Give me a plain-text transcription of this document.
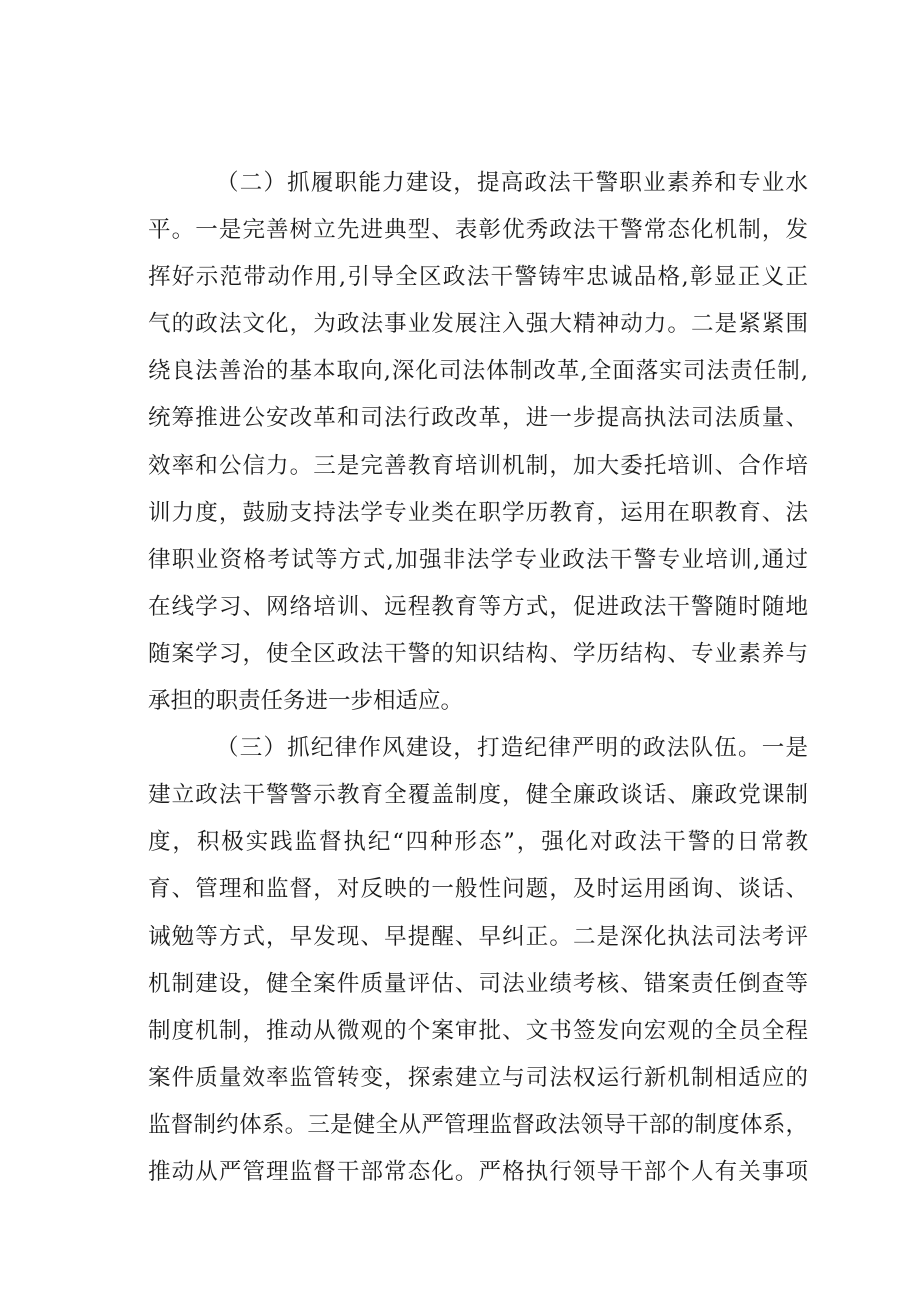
（二）抓履职能力建设，提高政法干警职业素养和专业水
平。一是完善树立先进典型、表彰优秀政法干警常态化机制，发
挥好示范带动作用,引导全区政法干警铸牢忠诚品格,彰显正义正
气的政法文化，为政法事业发展注入强大精神动力。二是紧紧围
绕良法善治的基本取向,深化司法体制改革,全面落实司法责任制,
统筹推进公安改革和司法行政改革，进一步提高执法司法质量、
效率和公信力。三是完善教育培训机制，加大委托培训、合作培
训力度，鼓励支持法学专业类在职学历教育，运用在职教育、法
律职业资格考试等方式,加强非法学专业政法干警专业培训,通过
在线学习、网络培训、远程教育等方式，促进政法干警随时随地
随案学习，使全区政法干警的知识结构、学历结构、专业素养与
承担的职责任务进一步相适应。
（三）抓纪律作风建设，打造纪律严明的政法队伍。一是
建立政法干警警示教育全覆盖制度，健全廉政谈话、廉政党课制
度，积极实践监督执纪“四种形态”，强化对政法干警的日常教
育、管理和监督，对反映的一般性问题，及时运用函询、谈话、
诫勉等方式，早发现、早提醒、早纠正。二是深化执法司法考评
机制建设，健全案件质量评估、司法业绩考核、错案责任倒查等
制度机制，推动从微观的个案审批、文书签发向宏观的全员全程
案件质量效率监管转变，探索建立与司法权运行新机制相适应的
监督制约体系。三是健全从严管理监督政法领导干部的制度体系，
推动从严管理监督干部常态化。严格执行领导干部个人有关事项
